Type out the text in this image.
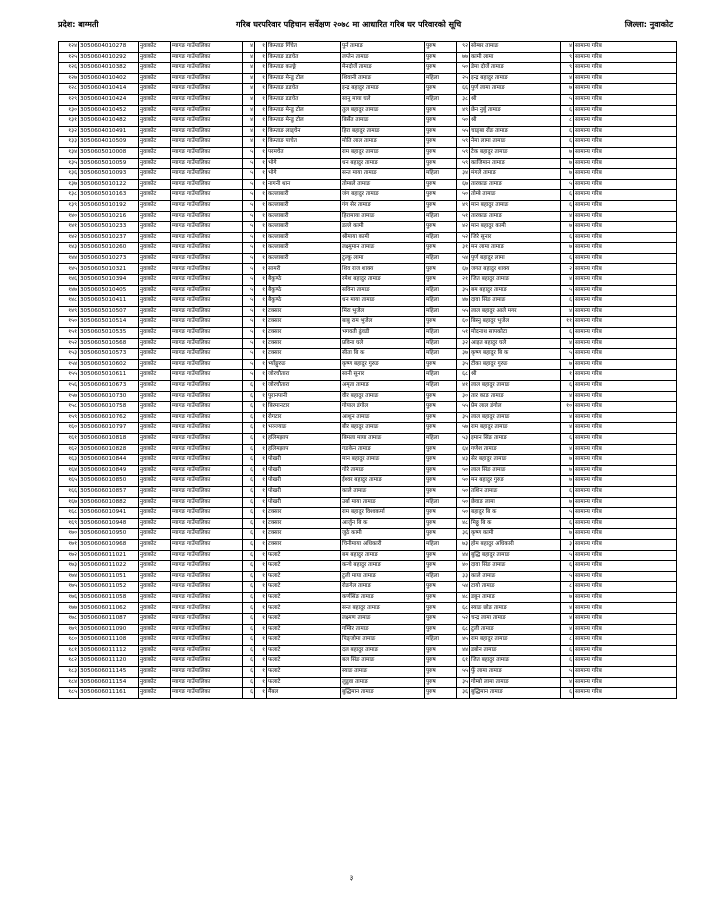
प्रदेश: बाग्मती	गरिब घरपरिवार पहिचान सर्वेक्षण २०७८ मा आधारित गरिब घर परिवारको सूचि	जिल्ला: नुवाकोट
१२४	3050604010278	नुवाकोट	म्यागङ गाउँपालिका	४	१	किम्ताङ गिँचेत	पुर्न तामाङ	पुरुष	९२	सोम्बर तामाङ	४	सामान्य गरिब
१२५	3050604010292	नुवाकोट	म्यागङ गाउँपालिका	४	१	किम्ताङ डडचेत	लप्तेन तामाङ	पुरुष	७७	कामी लामा	९	सामान्य गरिब
१२६	3050604010382	नुवाकोट	म्यागङ गाउँपालिका	४	१	किम्ताङ कल्ङ्गे	मेनदोर्जे तामाङ	पुरुष	५०	डेमा दोर्जे तामाङ	९	सामान्य गरिब
१२७	3050604010402	नुवाकोट	म्यागङ गाउँपालिका	४	१	किम्ताङ मेन्डु टोल	शिवानी तामाङ	महिला	२५	इन्द्र बहादुर तामाङ	४	सामान्य गरिब
१२८	3050604010414	नुवाकोट	म्यागङ गाउँपालिका	४	१	किम्ताङ डडचेत	इन्द्र बहादुर तामाङ	पुरुष	६६	पुर्ण लामा तामाङ	७	सामान्य गरिब
१२९	3050604010424	नुवाकोट	म्यागङ गाउँपालिका	४	१	किम्ताङ डडचेत	सानु माया घले	महिला	३८	श्री	५	सामान्य गरिब
१३०	3050604010452	नुवाकोट	म्यागङ गाउँपालिका	४	१	किम्ताङ मेन्डु टोल	तुल बहादुर तामाङ	पुरुष	४९	छेन नुर्बु तामाङ	६	सामान्य गरिब
१३१	3050604010482	नुवाकोट	म्यागङ गाउँपालिका	४	१	किम्ताङ मेन्डु टोल	बिर्सेत तामाङ	पुरुष	५०	श्री	८	सामान्य गरिब
१३२	3050604010491	नुवाकोट	म्यागङ गाउँपालिका	४	१	किम्ताङ लाड्चेन	हिरा बहादुर तामाङ	पुरुष	५५	चाङ्बा रोंङ तामाङ	६	सामान्य गरिब
१३३	3050604010509	नुवाकोट	म्यागङ गाउँपालिका	४	१	किम्ताङ पाचेत	मोति लाल तामाङ	पुरुष	५९	नेमा लामा तामाङ	६	सामान्य गरिब
१३४	3050605010008	नुवाकोट	म्यागङ गाउँपालिका	५	१	परमचेत	राम बहादुर तामाङ	पुरुष	५९	टेक बहादुर तामाङ	७	सामान्य गरिब
१३५	3050605010059	नुवाकोट	म्यागङ गाउँपालिका	५	१	भोगे	धन बहादुर तामाङ	पुरुष	५९	काजिमान तामाङ	७	सामान्य गरिब
१३६	3050605010093	नुवाकोट	म्यागङ गाउँपालिका	५	१	भोगे	सन्त माया तामाङ	महिला	३४	मंगले तामाङ	७	सामान्य गरिब
१३७	3050605010122	नुवाकोट	म्यागङ गाउँपालिका	५	१	नागनी थान	तोम्बले तामाङ	पुरुष	६७	तारकाङ तामाङ	५	सामान्य गरिब
१३८	3050605010163	नुवाकोट	म्यागङ गाउँपालिका	५	१	कल्लाबारी	जंग बहादुर तामाङ	पुरुष	५०	तोम्बे तामाङ	६	सामान्य गरिब
१३९	3050605010192	नुवाकोट	म्यागङ गाउँपालिका	५	१	कल्लाबारी	गंग सेर तामाङ	पुरुष	४९	मान बहादुर तामाङ	६	सामान्य गरिब
१४०	3050605010216	नुवाकोट	म्यागङ गाउँपालिका	५	१	कल्लाबारी	हिरामाया तामाङ	महिला	५१	तारकाङ तामाङ	४	सामान्य गरिब
१४१	3050605010233	नुवाकोट	म्यागङ गाउँपालिका	५	१	कल्लाबारी	डल्ले कामी	पुरुष	४२	मान बहादुर कामी	७	सामान्य गरिब
१४२	3050605010237	नुवाकोट	म्यागङ गाउँपालिका	५	१	कल्लाबारी	श्रीमाया कामी	महिला	५२	जिरे सुनार	६	सामान्य गरिब
१४३	3050605010260	नुवाकोट	म्यागङ गाउँपालिका	५	१	कल्लाबारी	लक्ष्मुमान तामाङ	पुरुष	३१	मन लामा तामाङ	७	सामान्य गरिब
१४४	3050605010273	नुवाकोट	म्यागङ गाउँपालिका	५	१	कल्लाबारी	टुल्कु लामा	महिला	५४	पुर्ण बहादुर लामा	६	सामान्य गरिब
१४५	3050605010321	नुवाकोट	म्यागङ गाउँपालिका	५	१	सामरी	शिव राज शाक्य	पुरुष	६७	जगत बहादुर शाक्य	२	सामान्य गरिब
१४६	3050605010394	नुवाकोट	म्यागङ गाउँपालिका	५	१	बैकुण्ठे	रमेश बहादुर तामाङ	पुरुष	२१	जित बहादुर तामाङ	४	सामान्य गरिब
१४७	3050605010405	नुवाकोट	म्यागङ गाउँपालिका	५	१	बैकुण्ठे	सविना तामाङ	महिला	३५	बम बहादुर तामाङ	५	सामान्य गरिब
१४८	3050605010411	नुवाकोट	म्यागङ गाउँपालिका	५	१	बैकुण्ठे	धन माया तामाङ	महिला	४७	दावा सिंङ तामाङ	६	सामान्य गरिब
१४९	3050605010507	नुवाकोट	म्यागङ गाउँपालिका	५	१	टक्सार	मिंरा भुजेल	महिला	५५	लाल बहादुर आले मगर	४	सामान्य गरिब
१५०	3050605010514	नुवाकोट	म्यागङ गाउँपालिका	५	१	टक्सार	बाबु राम भुजेल	पुरुष	६०	बिस्नु बहादुर भुजेल	११	सामान्य गरिब
१५१	3050605010535	नुवाकोट	म्यागङ गाउँपालिका	५	१	टक्सार	भगवती ढुंवडी	महिला	५१	मोदनाथ सापकोटा	६	सामान्य गरिब
१५२	3050605010568	नुवाकोट	म्यागङ गाउँपालिका	५	१	टक्सार	प्रविना घले	महिला	३२	आइत बहादुर घले	४	सामान्य गरिब
१५३	3050605010573	नुवाकोट	म्यागङ गाउँपालिका	५	१	टक्सार	सीता बि क	महिला	३७	कृष्ण बहादुर बि क	५	सामान्य गरिब
१५४	3050605010602	नुवाकोट	म्यागङ गाउँपालिका	५	१	भ्याँङ्गुरुङ	कृष्ण बहादुर गुरुङ	पुरुष	३५	टीका बहादुर गुरुङ	७	सामान्य गरिब
१५५	3050605010611	नुवाकोट	म्यागङ गाउँपालिका	५	१	जोरचौतारा	सानी सुनार	महिला	६८	श्री	१	सामान्य गरिब
१५६	3050606010673	नुवाकोट	म्यागङ गाउँपालिका	६	१	जोरचौतारा	अमृता तामाङ	महिला	४१	लाल बहादुर तामाङ	६	सामान्य गरिब
१५७	3050606010730	नुवाकोट	म्यागङ गाउँपालिका	६	१	पुरानपानी	वीर बहादुर तामाङ	पुरुष	३०	तार काङ तामाङ	४	सामान्य गरिब
१५८	3050606010758	नुवाकोट	म्यागङ गाउँपालिका	६	१	बिरमानटार	गोपाल डंगोल	पुरुष	५५	प्रेम लाल डंगोल	१०	सामान्य गरिब
१५९	3050606010762	नुवाकोट	म्यागङ गाउँपालिका	६	१	रोगटार	आशुन तामाङ	पुरुष	३५	लाल बहादुर तामाङ	४	सामान्य गरिब
१६०	3050606010797	नुवाकोट	म्यागङ गाउँपालिका	६	१	भञ्ज्याङ	बीर बहादुर तामाङ	पुरुष	५७	राम बहादुर तामाङ	४	सामान्य गरिब
१६१	3050606010818	नुवाकोट	म्यागङ गाउँपालिका	६	१	हलिमझाप	बिमला माया तामाङ	महिला	५३	इमान सिंङ तामाङ	६	सामान्य गरिब
१६२	3050606010828	नुवाकोट	म्यागङ गाउँपालिका	६	१	हलिमझाप	गङकेन तामाङ	पुरुष	६४	गणेश तामाङ	४	सामान्य गरिब
१६३	3050606010844	नुवाकोट	म्यागङ गाउँपालिका	६	१	पोखरी	मान बहादुर तामाङ	पुरुष	४३	सेर बहादुर तामाङ	७	सामान्य गरिब
१६४	3050606010849	नुवाकोट	म्यागङ गाउँपालिका	६	१	पोखरी	गोरे तामाङ	पुरुष	५०	लाल सिंङ तामाङ	७	सामान्य गरिब
१६५	3050606010850	नुवाकोट	म्यागङ गाउँपालिका	६	१	पोखरी	ईश्वर बहादुर तामाङ	पुरुष	५०	मन बहादुर गुरुङ	७	सामान्य गरिब
१६६	3050606010857	नुवाकोट	म्यागङ गाउँपालिका	६	१	पोखरी	काले तामाङ	पुरुष	५०	तशिन तामाङ	६	सामान्य गरिब
१६७	3050606010882	नुवाकोट	म्यागङ गाउँपालिका	६	१	पोखरी	उर्बा माया तामाङ	महिला	५०	छेवाङ लामा	७	सामान्य गरिब
१६८	3050606010941	नुवाकोट	म्यागङ गाउँपालिका	६	१	टक्सार	राम बहादुर विश्वकर्मा	पुरुष	५०	बहादुर बि क	५	सामान्य गरिब
१६९	3050606010948	नुवाकोट	म्यागङ गाउँपालिका	६	१	टक्सार	आर्जुन बि क	पुरुष	४८	मिठ्ठु बि क	६	सामान्य गरिब
१७०	3050606010950	नुवाकोट	म्यागङ गाउँपालिका	६	१	टक्सार	जुठे कामी	पुरुष	३६	कृष्ण कामी	७	सामान्य गरिब
१७१	3050606010968	नुवाकोट	म्यागङ गाउँपालिका	६	१	टक्सार	चिनीमाया अधिकारी	महिला	७३	होम बहादुर अधिकारी	३	सामान्य गरिब
१७२	3050606011021	नुवाकोट	म्यागङ गाउँपालिका	६	१	फलाटे	बम बहादुर तामाङ	पुरुष	४४	बुद्धि बहादुर तामाङ	५	सामान्य गरिब
१७३	3050606011022	नुवाकोट	म्यागङ गाउँपालिका	६	१	फलाटे	कन्चे बहादुर तामाङ	पुरुष	४०	दावा सिंङ तामाङ	६	सामान्य गरिब
१७४	3050606011051	नुवाकोट	म्यागङ गाउँपालिका	६	१	फलाटे	टुली माया तामाङ	महिला	३३	काले तामाङ	५	सामान्य गरिब
१७५	3050606011052	नुवाकोट	म्यागङ गाउँपालिका	६	१	फलाटे	रोङगेल तामाङ	पुरुष	५४	टायो तामाङ	८	सामान्य गरिब
१७६	3050606011058	नुवाकोट	म्यागङ गाउँपालिका	६	१	फलाटे	कर्णसिंङ तामाङ	पुरुष	४८	डबुन तामाङ	७	सामान्य गरिब
१७७	3050606011062	नुवाकोट	म्यागङ गाउँपालिका	६	१	फलाटे	सन्त बहादुर तामाङ	पुरुष	६८	स्याङ छोङ तामाङ	४	सामान्य गरिब
१७८	3050606011087	नुवाकोट	म्यागङ गाउँपालिका	६	१	फलाटे	लक्ष्मण तामाङ	पुरुष	५२	चन्द्र लामा तामाङ	४	सामान्य गरिब
१७९	3050606011090	नुवाकोट	म्यागङ गाउँपालिका	६	१	फलाटे	गम्बिर तामाङ	पुरुष	६८	टुली तामाङ	४	सामान्य गरिब
१८०	3050606011108	नुवाकोट	म्यागङ गाउँपालिका	६	१	फलाटे	पिङ्जोमा तामाङ	महिला	४५	राम बहादुर तामाङ	८	सामान्य गरिब
१८१	3050606011112	नुवाकोट	म्यागङ गाउँपालिका	६	१	फलाटे	दल बहादुर तामाङ	पुरुष	४४	डबोन तामाङ	६	सामान्य गरिब
१८२	3050606011120	नुवाकोट	म्यागङ गाउँपालिका	६	१	फलाटे	बल सिंङ तामाङ	पुरुष	६१	जित बहादुर तामाङ	६	सामान्य गरिब
१८३	3050606011145	नुवाकोट	म्यागङ गाउँपालिका	६	१	फलाटे	स्याङ तामाङ	पुरुष	५५	फुँ लामा तामाङ	५	सामान्य गरिब
१८४	3050606011154	नुवाकोट	म्यागङ गाउँपालिका	६	१	फलाटे	लुडुवा तामाङ	पुरुष	३५	गोम्बो लामा तामाङ	४	सामान्य गरिब
१८५	3050606011161	नुवाकोट	म्यागङ गाउँपालिका	६	१	मैंबल	बुद्धिमान तामाङ	पुरुष	३६	बुद्धिमान तामाङ	६	सामान्य गरिब
३
